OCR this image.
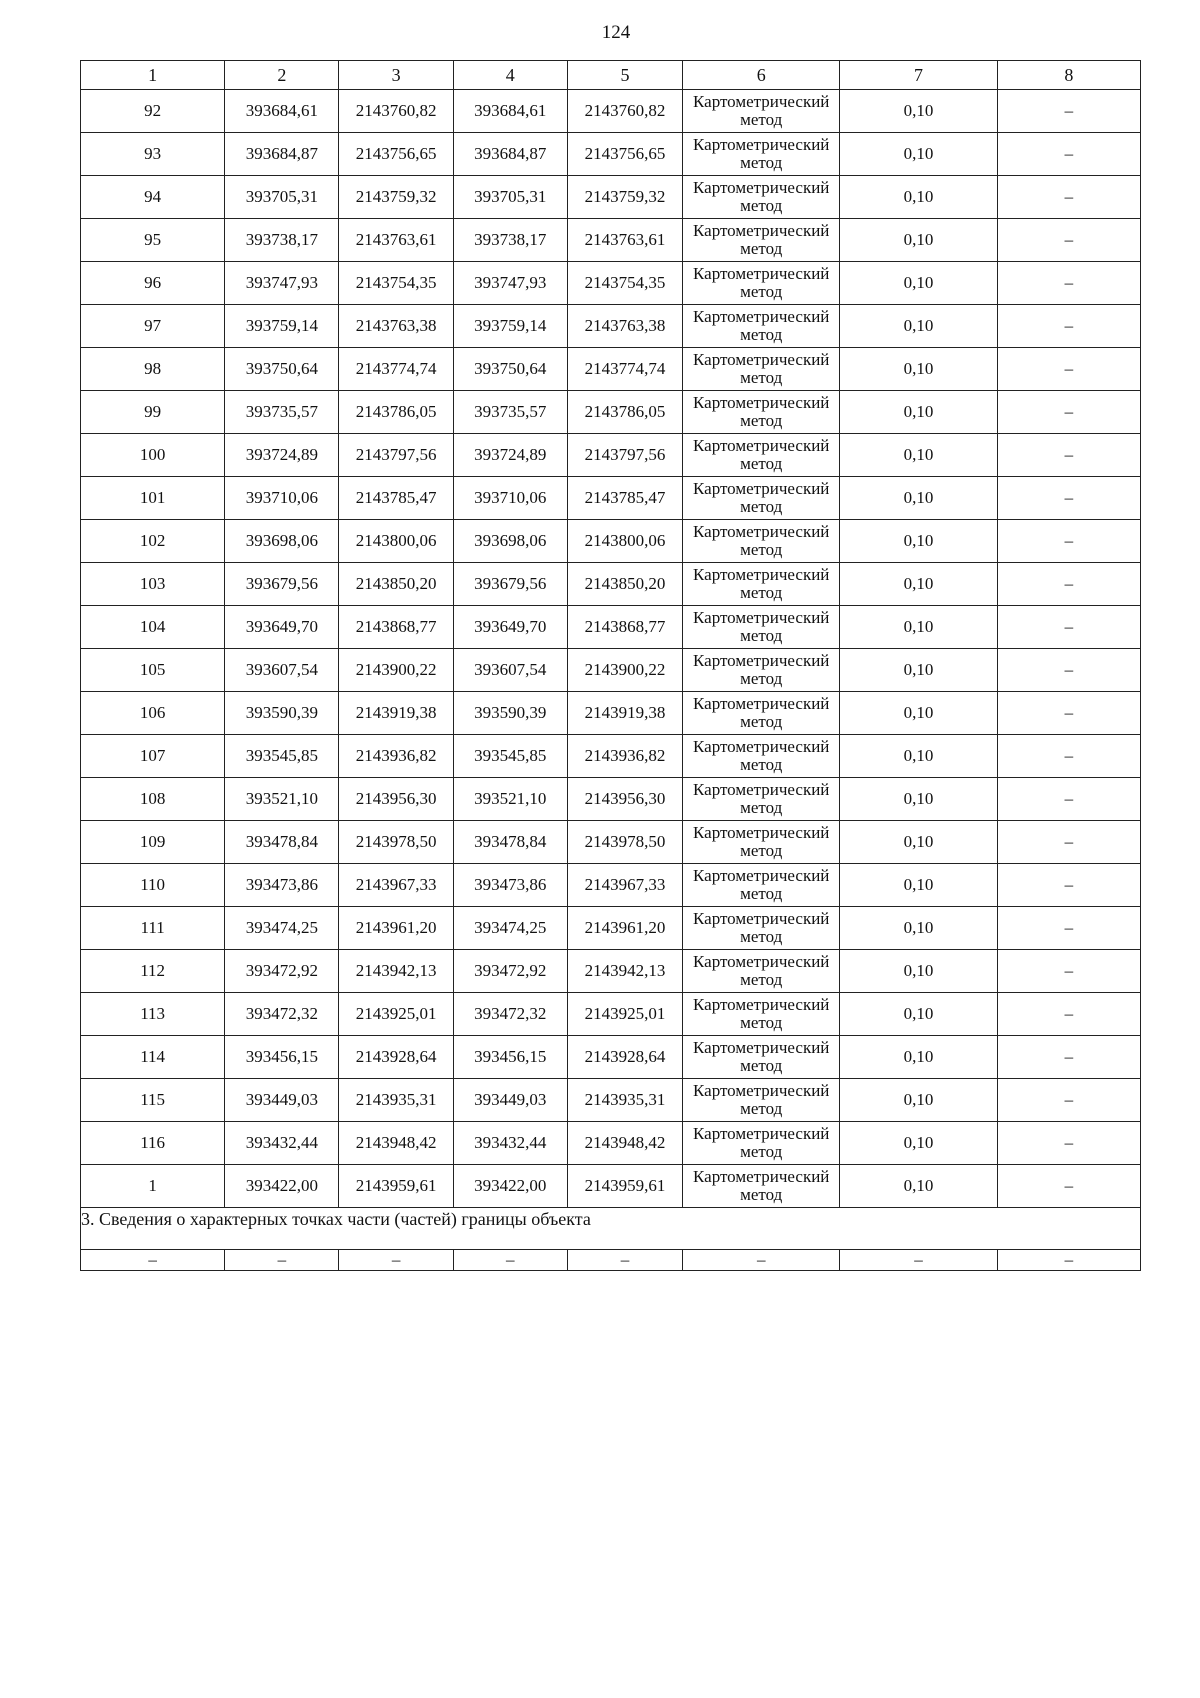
124
1	2	3	4	5	6	7	8
92	393684,61	2143760,82	393684,61	2143760,82	Картометрический
метод	0,10	–
93	393684,87	2143756,65	393684,87	2143756,65	Картометрический
метод	0,10	–
94	393705,31	2143759,32	393705,31	2143759,32	Картометрический
метод	0,10	–
95	393738,17	2143763,61	393738,17	2143763,61	Картометрический
метод	0,10	–
96	393747,93	2143754,35	393747,93	2143754,35	Картометрический
метод	0,10	–
97	393759,14	2143763,38	393759,14	2143763,38	Картометрический
метод	0,10	–
98	393750,64	2143774,74	393750,64	2143774,74	Картометрический
метод	0,10	–
99	393735,57	2143786,05	393735,57	2143786,05	Картометрический
метод	0,10	–
100	393724,89	2143797,56	393724,89	2143797,56	Картометрический
метод	0,10	–
101	393710,06	2143785,47	393710,06	2143785,47	Картометрический
метод	0,10	–
102	393698,06	2143800,06	393698,06	2143800,06	Картометрический
метод	0,10	–
103	393679,56	2143850,20	393679,56	2143850,20	Картометрический
метод	0,10	–
104	393649,70	2143868,77	393649,70	2143868,77	Картометрический
метод	0,10	–
105	393607,54	2143900,22	393607,54	2143900,22	Картометрический
метод	0,10	–
106	393590,39	2143919,38	393590,39	2143919,38	Картометрический
метод	0,10	–
107	393545,85	2143936,82	393545,85	2143936,82	Картометрический
метод	0,10	–
108	393521,10	2143956,30	393521,10	2143956,30	Картометрический
метод	0,10	–
109	393478,84	2143978,50	393478,84	2143978,50	Картометрический
метод	0,10	–
110	393473,86	2143967,33	393473,86	2143967,33	Картометрический
метод	0,10	–
111	393474,25	2143961,20	393474,25	2143961,20	Картометрический
метод	0,10	–
112	393472,92	2143942,13	393472,92	2143942,13	Картометрический
метод	0,10	–
113	393472,32	2143925,01	393472,32	2143925,01	Картометрический
метод	0,10	–
114	393456,15	2143928,64	393456,15	2143928,64	Картометрический
метод	0,10	–
115	393449,03	2143935,31	393449,03	2143935,31	Картометрический
метод	0,10	–
116	393432,44	2143948,42	393432,44	2143948,42	Картометрический
метод	0,10	–
1	393422,00	2143959,61	393422,00	2143959,61	Картометрический
метод	0,10	–
3. Сведения о характерных точках части (частей) границы объекта							
–	–	–	–	–	–	–	–
